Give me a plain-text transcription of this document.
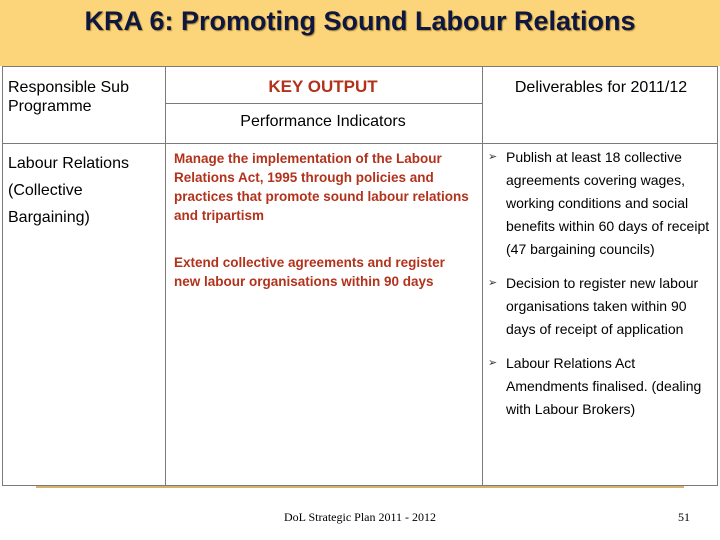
KRA 6: Promoting Sound Labour Relations
Responsible Sub Programme
KEY OUTPUT	Deliverables for 2011/12
Performance Indicators
Labour Relations (Collective Bargaining)
Manage the implementation of the Labour Relations Act, 1995 through policies and practices that promote sound labour relations and tripartism
Extend collective agreements and register new labour organisations within 90 days
➢ Publish at least 18 collective agreements covering wages, working conditions and social benefits within 60 days of receipt (47 bargaining councils)
➢ Decision to register new labour organisations taken within 90 days of receipt of application
➢ Labour Relations Act Amendments finalised. (dealing with Labour Brokers)
DoL Strategic Plan 2011 - 2012	51
